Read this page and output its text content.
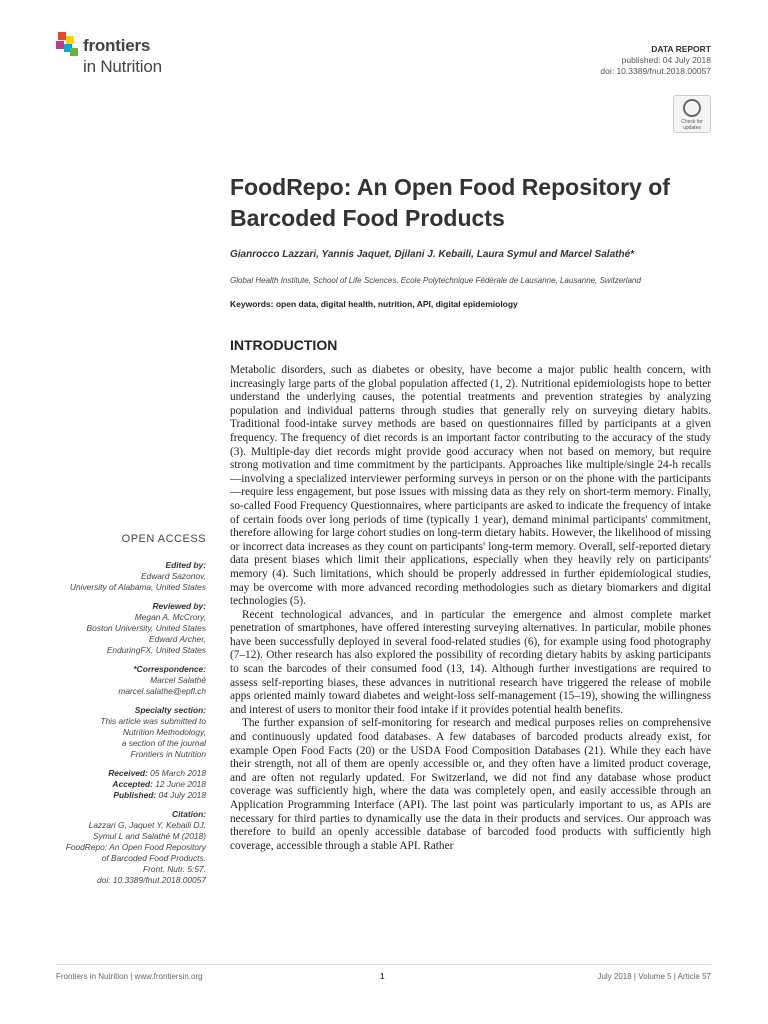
frontiers
in Nutrition
DATA REPORT
published: 04 July 2018
doi: 10.3389/fnut.2018.00057
Check for
updates
FoodRepo: An Open Food Repository of Barcoded Food Products
Gianrocco Lazzari, Yannis Jaquet, Djilani J. Kebaili, Laura Symul and Marcel Salathé*
Global Health Institute, School of Life Sciences, Ecole Polytechnique Fédérale de Lausanne, Lausanne, Switzerland
Keywords: open data, digital health, nutrition, API, digital epidemiology
INTRODUCTION

Metabolic disorders, such as diabetes or obesity, have become a major public health concern, with increasingly large parts of the global population affected (1, 2). Nutritional epidemiologists hope to better understand the underlying causes, the potential treatments and prevention strategies by analyzing population and individual patterns through studies that generally rely on surveying dietary habits. Traditional food-intake survey methods are based on questionnaires filled by participants at a given frequency. The frequency of diet records is an important factor contributing to the accuracy of the study (3). Multiple-day diet records might provide good accuracy when not based on memory, but require strong motivation and time commitment by the participants. Approaches like multiple/single 24-h recalls—involving a specialized interviewer performing surveys in person or on the phone with the participants—require less engagement, but pose issues with missing data as they rely on short-term memory. Finally, so-called Food Frequency Questionnaires, where participants are asked to indicate the frequency of intake of certain foods over long periods of time (typically 1 year), demand minimal participants' commitment, therefore allowing for large cohort studies on long-term dietary habits. However, the likelihood of missing or incorrect data increases as they count on participants' long-term memory. Overall, self-reported dietary data present biases which limit their applications, especially when they heavily rely on participants' memory (4). Such limitations, which should be properly addressed in further epidemiological studies, may be overcome with more advanced recording methodologies such as dietary biomarkers and digital technologies (5).

Recent technological advances, and in particular the emergence and almost complete market penetration of smartphones, have offered interesting surveying alternatives. In particular, mobile phones have been successfully deployed in several food-related studies (6), for example using food photography (7–12). Other research has also explored the possibility of recording dietary habits by asking participants to scan the barcodes of their consumed food (13, 14). Although further investigations are required to assess self-reporting biases, these advances in nutritional research have triggered the release of mobile apps oriented mainly toward diabetes and weight-loss self-management (15–19), showing the willingness and interest of users to monitor their food intake if it provides potential health benefits.

The further expansion of self-monitoring for research and medical purposes relies on comprehensive and continuously updated food databases. A few databases of barcoded products already exist, for example Open Food Facts (20) or the USDA Food Composition Databases (21). While they each have their strength, not all of them are openly accessible or, and they often have a limited product coverage, and are often not regularly updated. For Switzerland, we did not find any database whose product coverage was sufficiently high, where the data was completely open, and easily accessible through an Application Programming Interface (API). The last point was particularly important to us, as APIs are necessary for third parties to dynamically use the data in their products and services. Our approach was therefore to build an openly accessible database of barcoded food products with sufficiently high coverage, accessible through a stable API. Rather

OPEN ACCESS
Edited by:
Edward Sazonov,
University of Alabama, United States
Reviewed by:
Megan A. McCrory,
Boston University, United States
Edward Archer,
EnduringFX, United States
*Correspondence:
Marcel Salathé
marcel.salathe@epfl.ch
Specialty section:
This article was submitted to
Nutrition Methodology,
a section of the journal
Frontiers in Nutrition
Received: 05 March 2018
Accepted: 12 June 2018
Published: 04 July 2018
Citation:
Lazzari G, Jaquet Y, Kebaili DJ,
Symul L and Salathé M (2018)
FoodRepo: An Open Food Repository
of Barcoded Food Products.
Front. Nutr. 5:57.
doi: 10.3389/fnut.2018.00057
Frontiers in Nutrition | www.frontiersin.org	1	July 2018 | Volume 5 | Article 57
